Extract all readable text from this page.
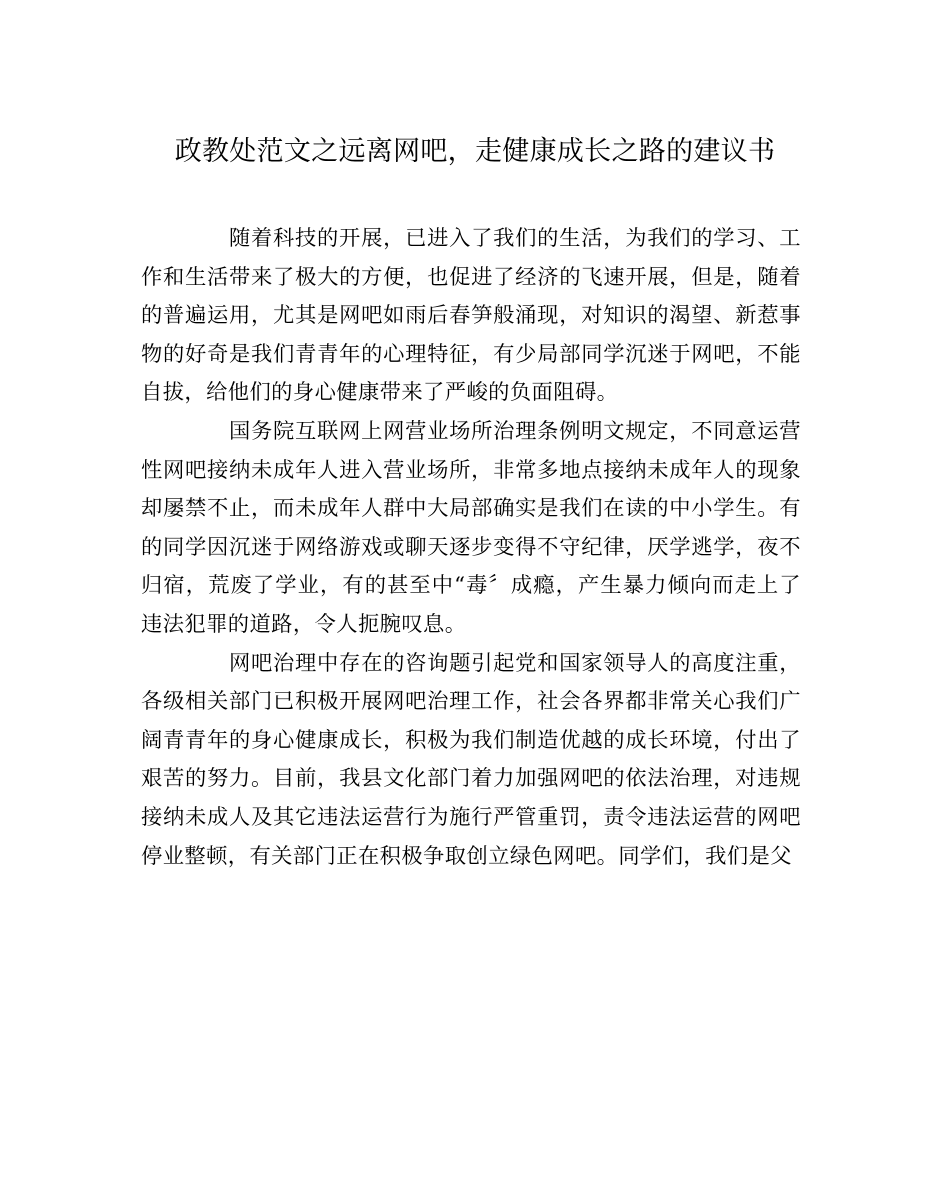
政教处范文之远离网吧，走健康成长之路的建议书

随着科技的开展，已进入了我们的生活，为我们的学习、工作和生活带来了极大的方便，也促进了经济的飞速开展，但是，随着的普遍运用，尤其是网吧如雨后春笋般涌现，对知识的渴望、新惹事物的好奇是我们青青年的心理特征，有少局部同学沉迷于网吧，不能自拔，给他们的身心健康带来了严峻的负面阻碍。

国务院互联网上网营业场所治理条例明文规定，不同意运营性网吧接纳未成年人进入营业场所，非常多地点接纳未成年人的现象却屡禁不止，而未成年人群中大局部确实是我们在读的中小学生。有的同学因沉迷于网络游戏或聊天逐步变得不守纪律，厌学逃学，夜不归宿，荒废了学业，有的甚至中“毒〞成瘾，产生暴力倾向而走上了违法犯罪的道路，令人扼腕叹息。

网吧治理中存在的咨询题引起党和国家领导人的高度注重，各级相关部门已积极开展网吧治理工作，社会各界都非常关心我们广阔青青年的身心健康成长，积极为我们制造优越的成长环境，付出了艰苦的努力。目前，我县文化部门着力加强网吧的依法治理，对违规接纳未成人及其它违法运营行为施行严管重罚，责令违法运营的网吧停业整顿，有关部门正在积极争取创立绿色网吧。同学们，我们是父
